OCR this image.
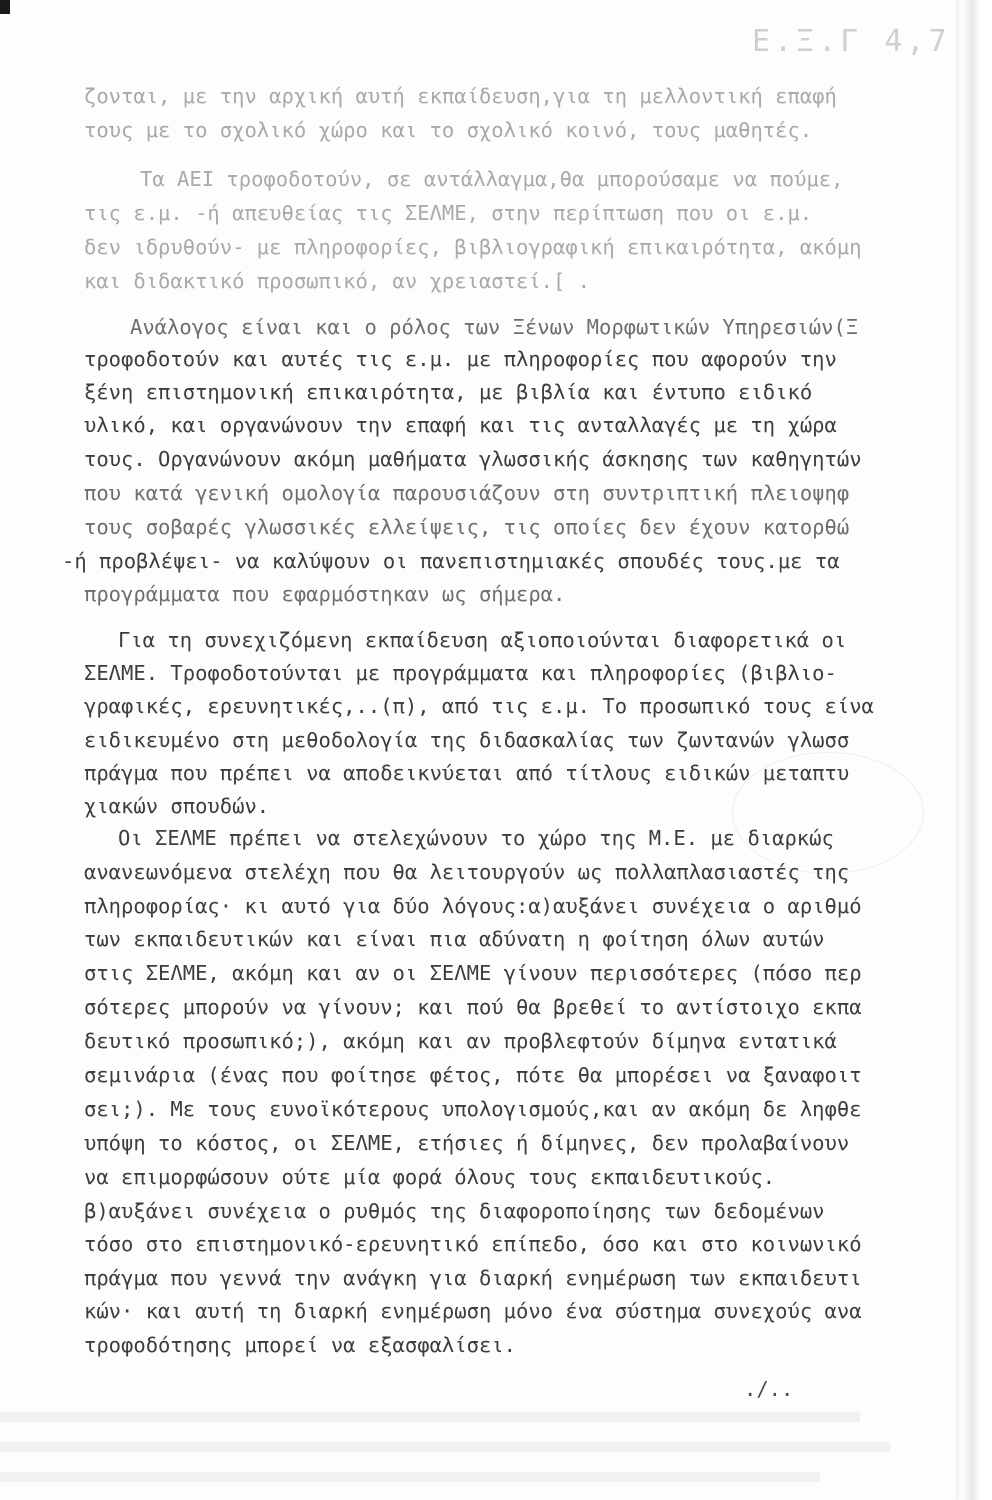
Ε.Ξ.Γ 4,7
ζονται, με την αρχική αυτή εκπαίδευση,για τη μελλοντική επαφή
τους με το σχολικό χώρο και το σχολικό κοινό, τους μαθητές.
Τα ΑΕΙ τροφοδοτούν, σε αντάλλαγμα,θα μπορούσαμε να πούμε,
τις ε.μ. -ή απευθείας τις ΣΕΛΜΕ, στην περίπτωση που οι ε.μ.
δεν ιδρυθούν- με πληροφορίες, βιβλιογραφική επικαιρότητα, ακόμη
και διδακτικό προσωπικό, αν χρειαστεί.[ .
Ανάλογος είναι και ο ρόλος των Ξένων Μορφωτικών Υπηρεσιών(Ξ
τροφοδοτούν και αυτές τις ε.μ. με πληροφορίες που αφορούν την
ξένη επιστημονική επικαιρότητα, με βιβλία και έντυπο ειδικό
υλικό, και οργανώνουν την επαφή και τις ανταλλαγές με τη χώρα
τους. Οργανώνουν ακόμη μαθήματα γλωσσικής άσκησης των καθηγητών
που κατά γενική ομολογία παρουσιάζουν στη συντριπτική πλειοψηφ
τους σοβαρές γλωσσικές ελλείψεις, τις οποίες δεν έχουν κατορθώ
-ή προβλέψει- να καλύψουν οι πανεπιστημιακές σπουδές τους.με τα
προγράμματα που εφαρμόστηκαν ως σήμερα.
Για τη συνεχιζόμενη εκπαίδευση αξιοποιούνται διαφορετικά οι
ΣΕΛΜΕ. Τροφοδοτούνται με προγράμματα και πληροφορίες (βιβλιο-
γραφικές, ερευνητικές,..(π), από τις ε.μ. Το προσωπικό τους είνα
ειδικευμένο στη μεθοδολογία της διδασκαλίας των ζωντανών γλωσσ
πράγμα που πρέπει να αποδεικνύεται από τίτλους ειδικών μεταπτυ
χιακών σπουδών.
Οι ΣΕΛΜΕ πρέπει να στελεχώνουν το χώρο της Μ.Ε. με διαρκώς
ανανεωνόμενα στελέχη που θα λειτουργούν ως πολλαπλασιαστές της
πληροφορίας· κι αυτό για δύο λόγους:α)αυξάνει συνέχεια ο αριθμό
των εκπαιδευτικών και είναι πια αδύνατη η φοίτηση όλων αυτών
στις ΣΕΛΜΕ, ακόμη και αν οι ΣΕΛΜΕ γίνουν περισσότερες (πόσο περ
σότερες μπορούν να γίνουν; και πού θα βρεθεί το αντίστοιχο εκπα
δευτικό προσωπικό;), ακόμη και αν προβλεφτούν δίμηνα εντατικά
σεμινάρια (ένας που φοίτησε φέτος, πότε θα μπορέσει να ξαναφοιτ
σει;). Με τους ευνοϊκότερους υπολογισμούς,και αν ακόμη δε ληφθε
υπόψη το κόστος, οι ΣΕΛΜΕ, ετήσιες ή δίμηνες, δεν προλαβαίνουν
να επιμορφώσουν ούτε μία φορά όλους τους εκπαιδευτικούς.
β)αυξάνει συνέχεια ο ρυθμός της διαφοροποίησης των δεδομένων
τόσο στο επιστημονικό-ερευνητικό επίπεδο, όσο και στο κοινωνικό
πράγμα που γεννά την ανάγκη για διαρκή ενημέρωση των εκπαιδευτι
κών· και αυτή τη διαρκή ενημέρωση μόνο ένα σύστημα συνεχούς ανα
τροφοδότησης μπορεί να εξασφαλίσει.
./..
